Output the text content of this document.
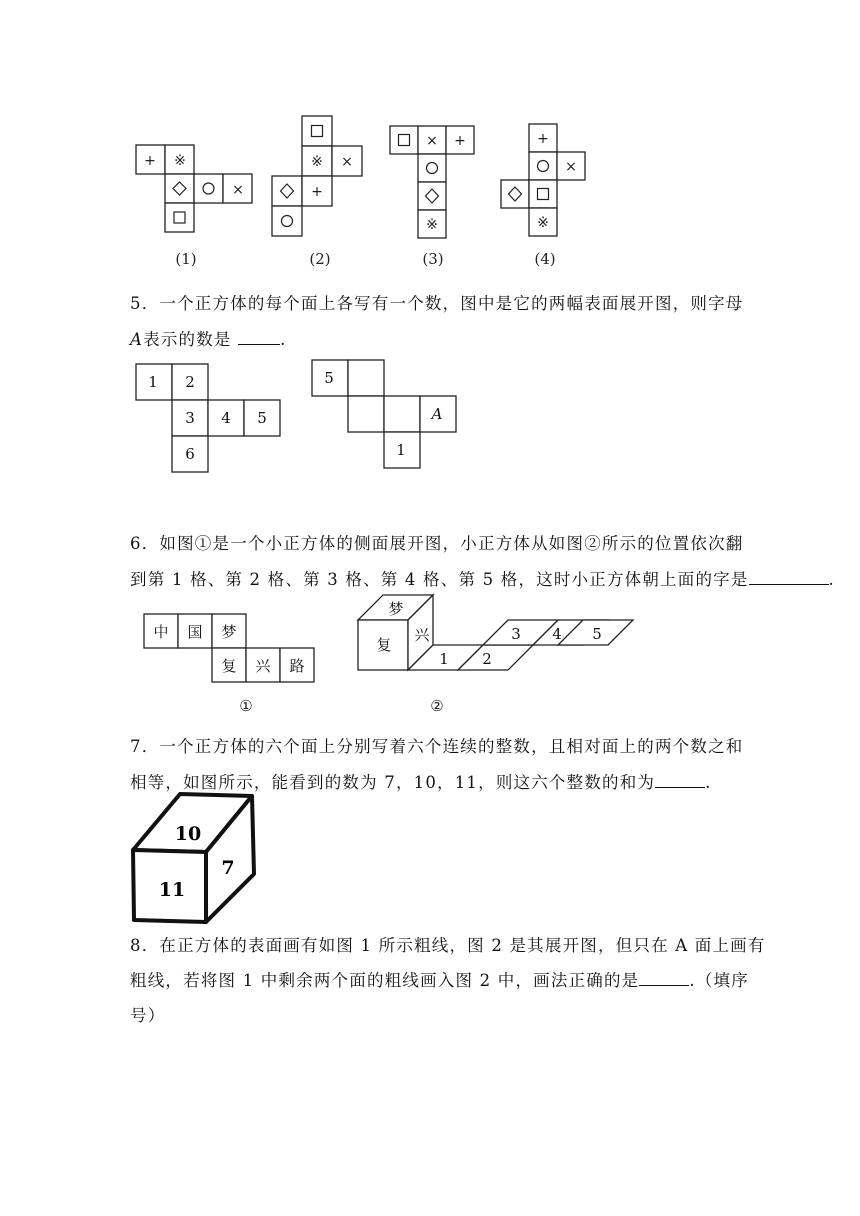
+ ※
×
(1)
※ ×
+
(2)
× +
※
(3)
+
×
※
(4)
5．一个正方体的每个面上各写有一个数，图中是它的两幅表面展开图，则字母
A表示的数是	.
1 2
3 4 5
6
5
A
1
6．如图①是一个小正方体的侧面展开图，小正方体从如图②所示的位置依次翻
到第 1 格、第 2 格、第 3 格、第 4 格、第 5 格，这时小正方体朝上面的字是	.
中 国 梦
复 兴 路
①
梦
复
兴
1 2
3 4 5
②
7．一个正方体的六个面上分别写着六个连续的整数，且相对面上的两个数之和
相等，如图所示，能看到的数为 7，10，11，则这六个整数的和为	.
10
11
7
8．在正方体的表面画有如图 1 所示粗线，图 2 是其展开图，但只在 A 面上画有
粗线，若将图 1 中剩余两个面的粗线画入图 2 中，画法正确的是	.（填序
号）
